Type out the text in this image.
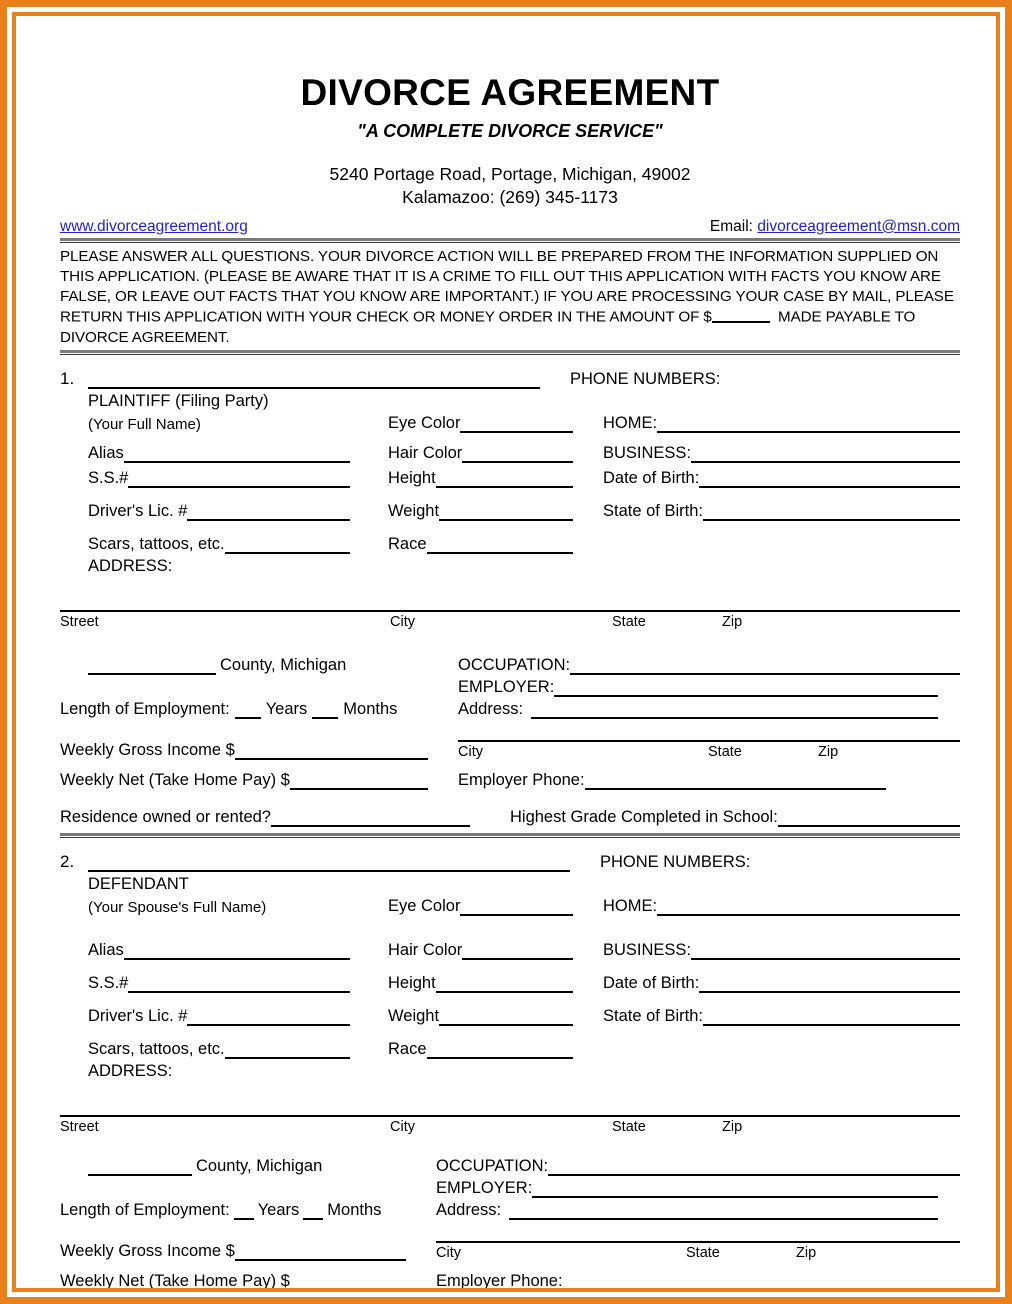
DIVORCE AGREEMENT
"A COMPLETE DIVORCE SERVICE"
5240 Portage Road, Portage, Michigan, 49002
Kalamazoo: (269) 345-1173
www.divorceagreement.org	Email: divorceagreement@msn.com
PLEASE ANSWER ALL QUESTIONS. YOUR DIVORCE ACTION WILL BE PREPARED FROM THE INFORMATION SUPPLIED ON THIS APPLICATION. (PLEASE BE AWARE THAT IT IS A CRIME TO FILL OUT THIS APPLICATION WITH FACTS YOU KNOW ARE FALSE, OR LEAVE OUT FACTS THAT YOU KNOW ARE IMPORTANT.) IF YOU ARE PROCESSING YOUR CASE BY MAIL, PLEASE RETURN THIS APPLICATION WITH YOUR CHECK OR MONEY ORDER IN THE AMOUNT OF $	MADE PAYABLE TO DIVORCE AGREEMENT.
1.	PHONE NUMBERS:
PLAINTIFF (Filing Party)
(Your Full Name)	Eye Color	HOME:
Alias	Hair Color	BUSINESS:
S.S.#	Height	Date of Birth:
Driver's Lic. #	Weight	State of Birth:
Scars, tattoos, etc.	Race
ADDRESS:
Street	City	State	Zip
County, Michigan	OCCUPATION:
EMPLOYER:
Length of Employment: Years Months	Address:
Weekly Gross Income $	City	State	Zip
Weekly Net (Take Home Pay) $	Employer Phone:
Residence owned or rented?	Highest Grade Completed in School:
2.	PHONE NUMBERS:
DEFENDANT
(Your Spouse's Full Name)	Eye Color	HOME:
Alias	Hair Color	BUSINESS:
S.S.#	Height	Date of Birth:
Driver's Lic. #	Weight	State of Birth:
Scars, tattoos, etc.	Race
ADDRESS:
Street	City	State	Zip
County, Michigan	OCCUPATION:
EMPLOYER:
Length of Employment: Years Months	Address:
Weekly Gross Income $	City	State	Zip
Weekly Net (Take Home Pay) $	Employer Phone:
